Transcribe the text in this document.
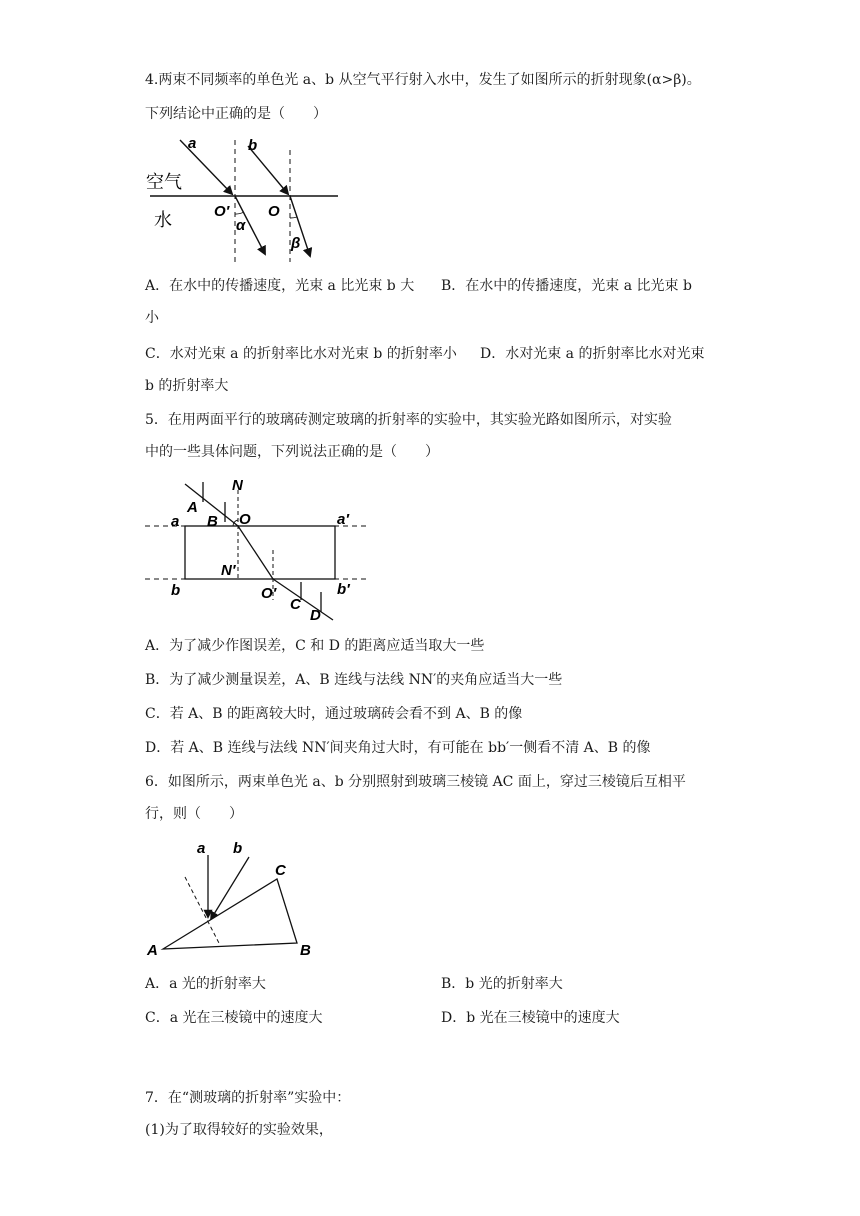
4.两束不同频率的单色光 a、b 从空气平行射入水中，发生了如图所示的折射现象(α>β)。
下列结论中正确的是（　　）
a	b
空气
水	O′	O
α
β
A．在水中的传播速度，光束 a 比光束 b 大 B．在水中的传播速度，光束 a 比光束 b
小
C．水对光束 a 的折射率比水对光束 b 的折射率小 D．水对光束 a 的折射率比水对光束
b 的折射率大
5．在用两面平行的玻璃砖测定玻璃的折射率的实验中，其实验光路如图所示，对实验
中的一些具体问题，下列说法正确的是（　　）
A
N
a B O	a′
N′
b	O′	b′
C
D
A．为了减少作图误差，C 和 D 的距离应适当取大一些
B．为了减少测量误差，A、B 连线与法线 NN′的夹角应适当大一些
C．若 A、B 的距离较大时，通过玻璃砖会看不到 A、B 的像
D．若 A、B 连线与法线 NN′间夹角过大时，有可能在 bb′一侧看不清 A、B 的像
6．如图所示，两束单色光 a、b 分别照射到玻璃三棱镜 AC 面上，穿过三棱镜后互相平
行，则（　　）
a b
C
A	B
A．a 光的折射率大	B．b 光的折射率大
C．a 光在三棱镜中的速度大	D．b 光在三棱镜中的速度大
7．在“测玻璃的折射率”实验中：
(1)为了取得较好的实验效果，
